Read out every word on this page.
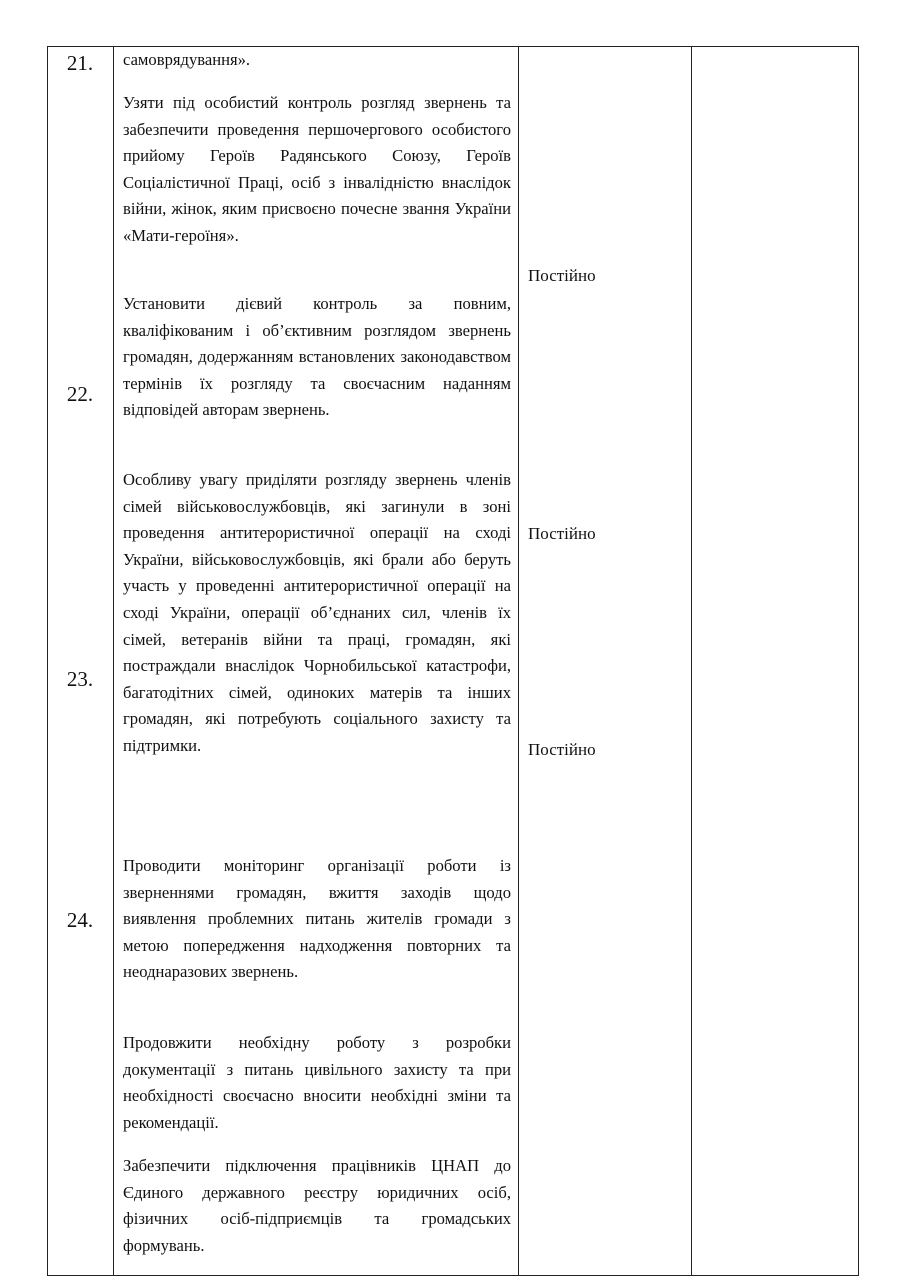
21.
22.
23.
24.
самоврядування».
Узяти під особистий контроль розгляд звернень та забезпечити проведення першочергового особистого прийому Героїв Радянського Союзу, Героїв Соціалістичної Праці, осіб з інвалідністю внаслідок війни, жінок, яким присвоєно почесне звання України «Мати-героїня».
Установити дієвий контроль за повним, кваліфікованим і об’єктивним розглядом звернень громадян, додержанням встановлених законодавством термінів їх розгляду та своєчасним наданням відповідей авторам звернень.
Особливу увагу приділяти розгляду звернень членів сімей військовослужбовців, які загинули в зоні проведення антитерористичної операції на сході України, військовослужбовців, які брали або беруть участь у проведенні антитерористичної операції на сході України, операції об’єднаних сил, членів їх сімей, ветеранів війни та праці, громадян, які постраждали внаслідок Чорнобильської катастрофи, багатодітних сімей, одиноких матерів та інших громадян, які потребують соціального захисту та підтримки.
Проводити моніторинг організації роботи із зверненнями громадян, вжиття заходів щодо виявлення проблемних питань жителів громади з метою попередження надходження повторних та неоднаразових звернень.
Продовжити необхідну роботу з розробки документації з питань цивільного захисту та при необхідності своєчасно вносити необхідні зміни та рекомендації.
Забезпечити підключення працівників ЦНАП до Єдиного державного реєстру юридичних осіб, фізичних осіб-підприємців та громадських формувань.
Постійно
Постійно
Постійно
